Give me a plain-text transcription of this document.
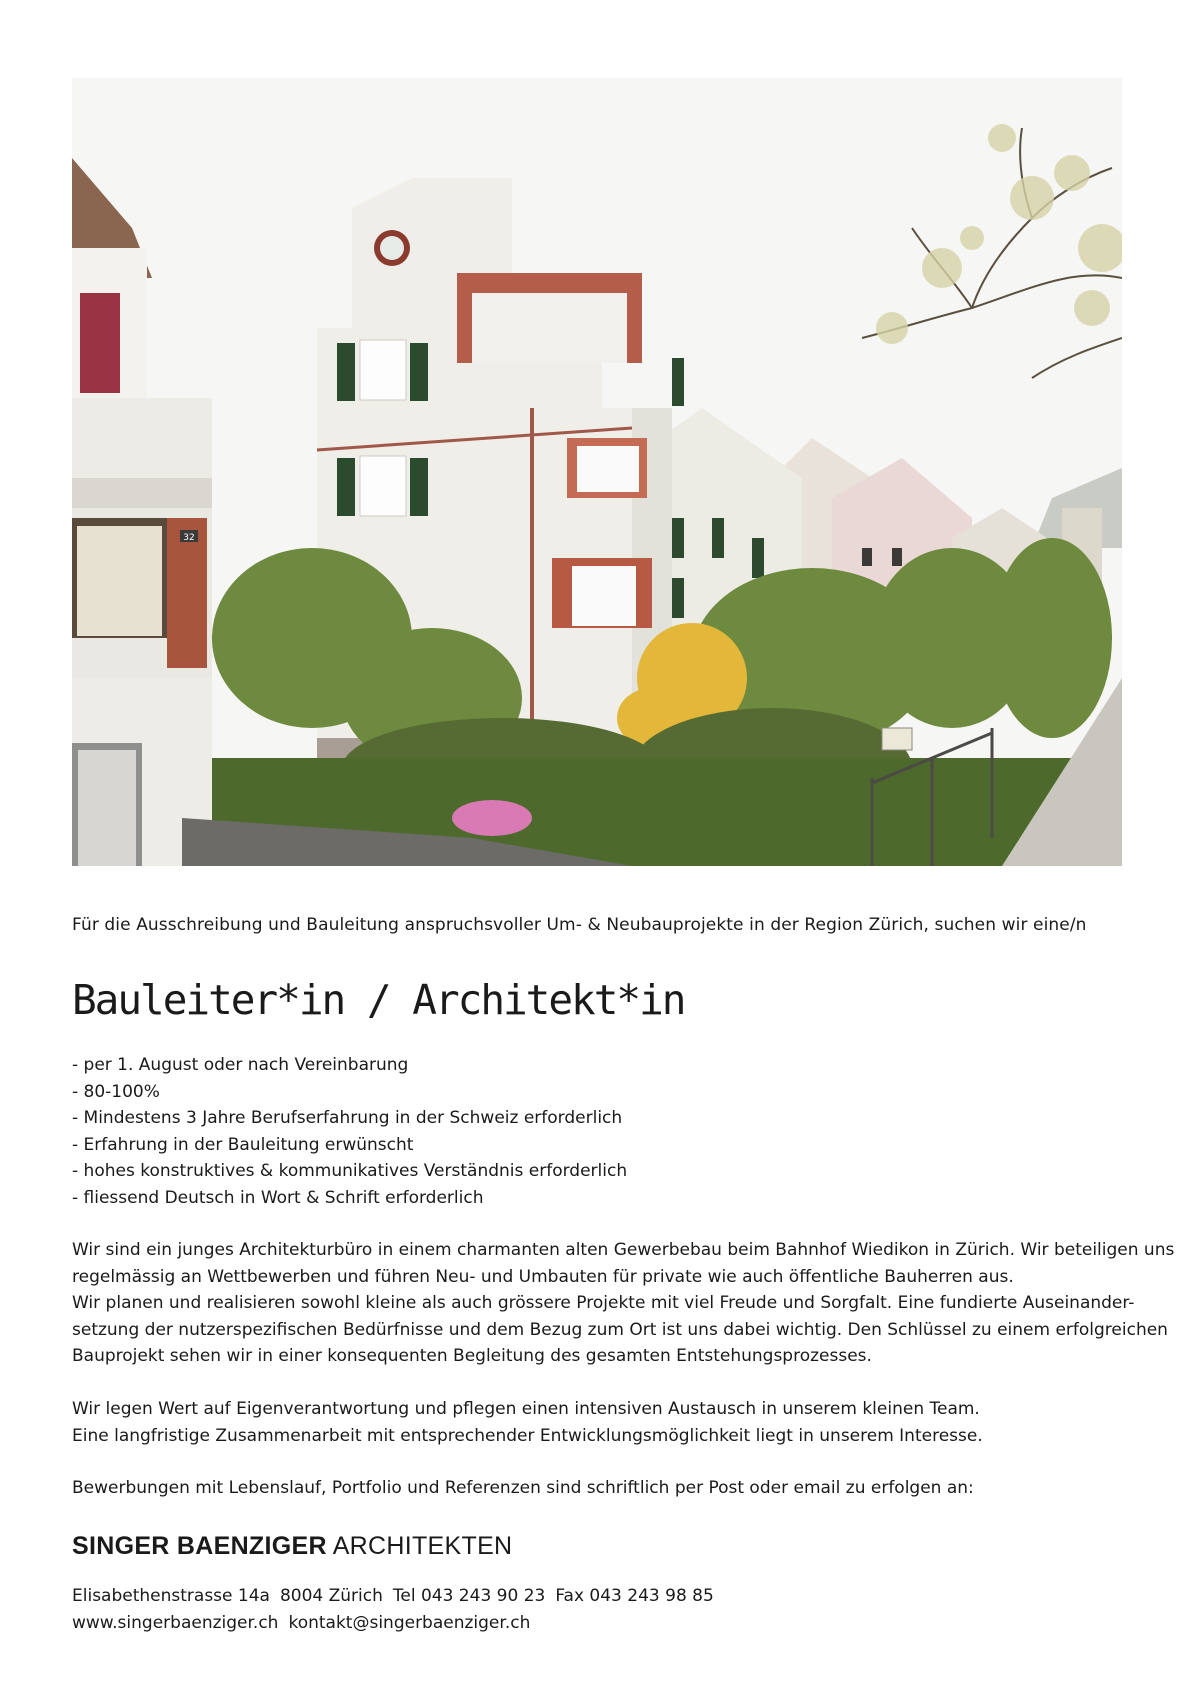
32
Für die Ausschreibung und Bauleitung anspruchsvoller Um- & Neubauprojekte in der Region Zürich, suchen wir eine/n
Bauleiter*in / Architekt*in
- per 1. August oder nach Vereinbarung
- 80-100%
- Mindestens 3 Jahre Berufserfahrung in der Schweiz erforderlich
- Erfahrung in der Bauleitung erwünscht
- hohes konstruktives & kommunikatives Verständnis erforderlich
- fliessend Deutsch in Wort & Schrift erforderlich

Wir sind ein junges Architekturbüro in einem charmanten alten Gewerbebau beim Bahnhof Wiedikon in Zürich. Wir beteiligen uns
regelmässig an Wettbewerben und führen Neu- und Umbauten für private wie auch öffentliche Bauherren aus.
Wir planen und realisieren sowohl kleine als auch grössere Projekte mit viel Freude und Sorgfalt. Eine fundierte Auseinander-
setzung der nutzerspezifischen Bedürfnisse und dem Bezug zum Ort ist uns dabei wichtig. Den Schlüssel zu einem erfolgreichen
Bauprojekt sehen wir in einer konsequenten Begleitung des gesamten Entstehungsprozesses.

Wir legen Wert auf Eigenverantwortung und pflegen einen intensiven Austausch in unserem kleinen Team.
Eine langfristige Zusammenarbeit mit entsprechender Entwicklungsmöglichkeit liegt in unserem Interesse.

Bewerbungen mit Lebenslauf, Portfolio und Referenzen sind schriftlich per Post oder email zu erfolgen an:

SINGER BAENZIGER ARCHITEKTEN
Elisabethenstrasse 14a 8004 Zürich Tel 043 243 90 23 Fax 043 243 98 85
www.singerbaenziger.ch kontakt@singerbaenziger.ch
